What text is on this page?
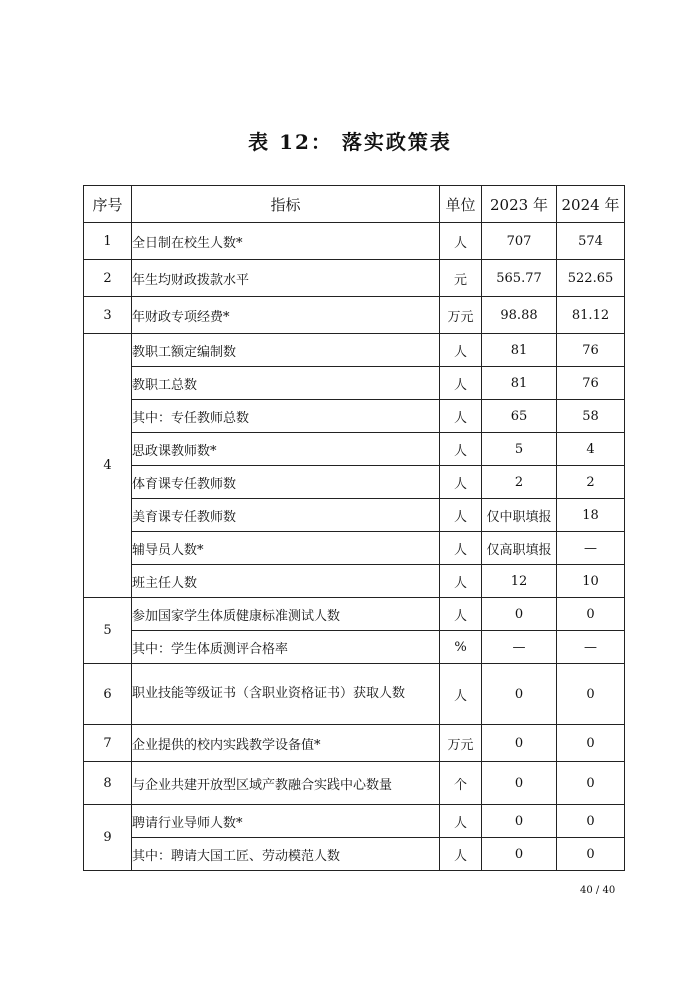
表 12： 落实政策表
序号	指标	单位	2023 年	2024 年
1	全日制在校生人数*	人	707	574
2	年生均财政拨款水平	元	565.77	522.65
3	年财政专项经费*	万元	98.88	81.12
4	教职工额定编制数	人	81	76
	教职工总数	人	81	76
	其中：专任教师总数	人	65	58
	思政课教师数*	人	5	4
	体育课专任教师数	人	2	2
	美育课专任教师数	人	仅中职填报	18
	辅导员人数*	人	仅高职填报	—
	班主任人数	人	12	10
5	参加国家学生体质健康标准测试人数	人	0	0
	其中：学生体质测评合格率	%	—	—
6	职业技能等级证书（含职业资格证书）获取人数	人	0	0
7	企业提供的校内实践教学设备值*	万元	0	0
8	与企业共建开放型区域产教融合实践中心数量	个	0	0
9	聘请行业导师人数*	人	0	0
	其中：聘请大国工匠、劳动模范人数	人	0	0
40 / 40
